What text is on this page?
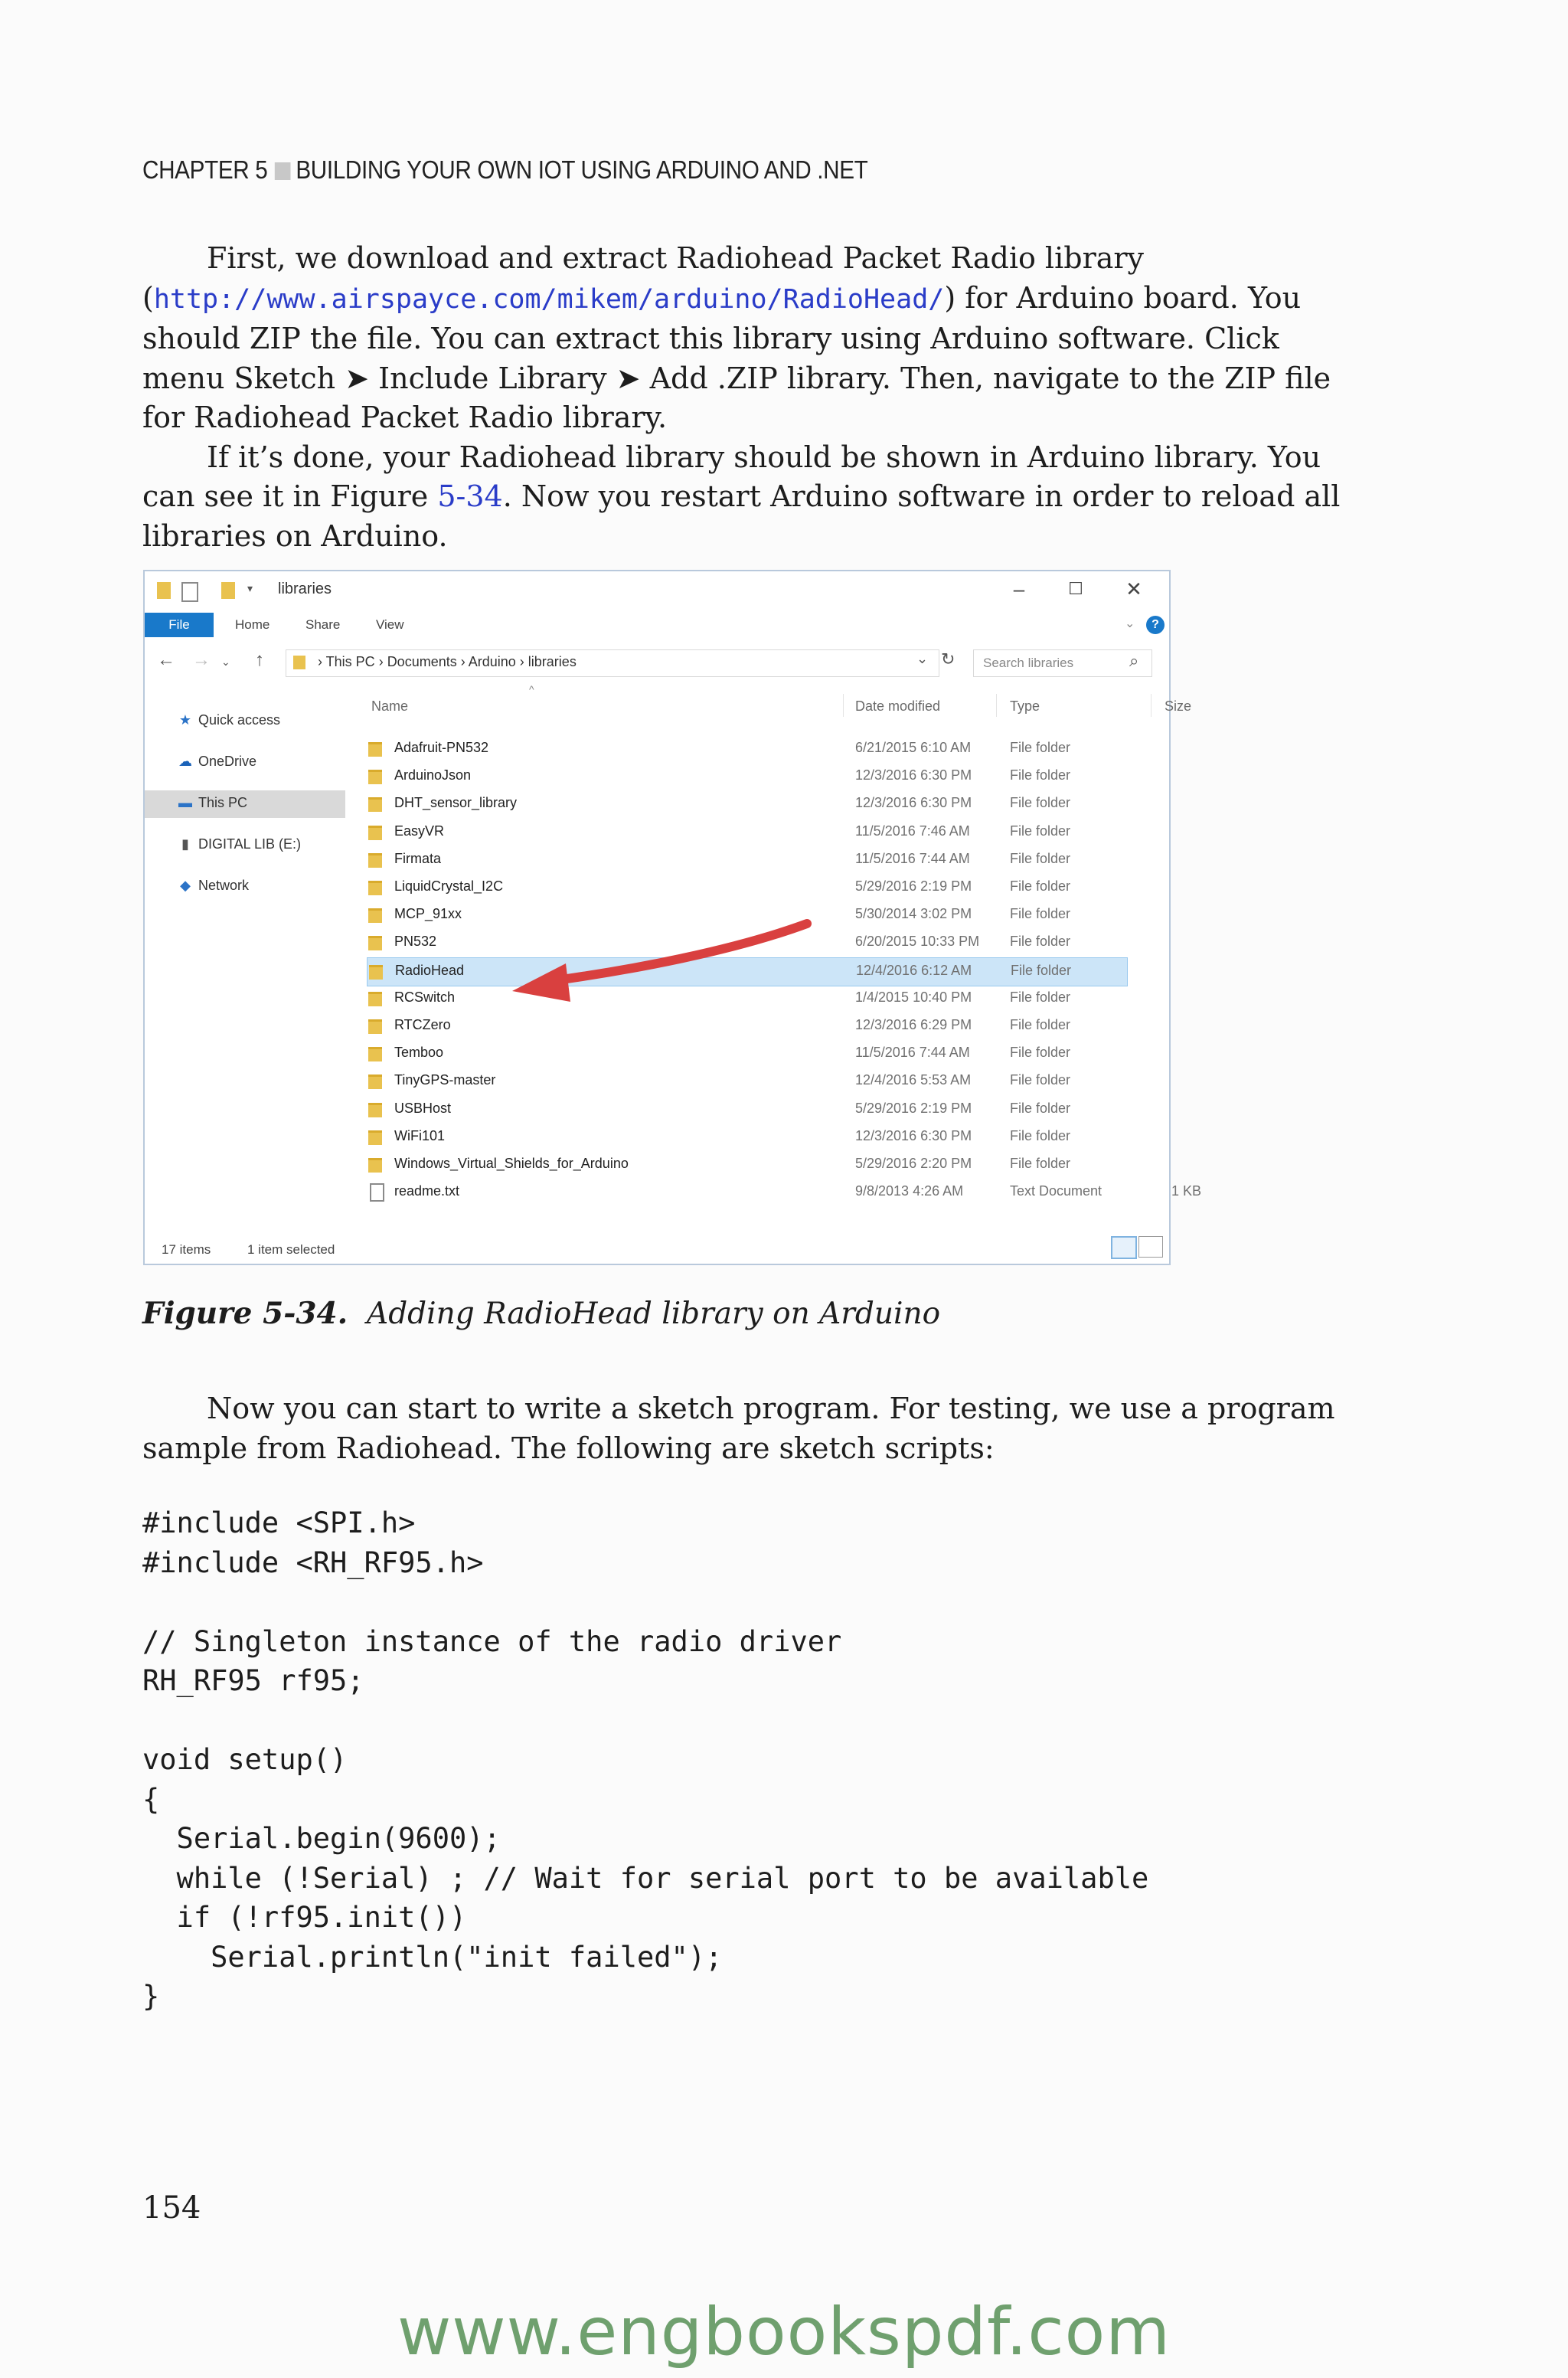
CHAPTER 5 BUILDING YOUR OWN IOT USING ARDUINO AND .NET

First, we download and extract Radiohead Packet Radio library (http://www.airspayce.com/mikem/arduino/RadioHead/) for Arduino board. You should ZIP the file. You can extract this library using Arduino software. Click menu Sketch ➤ Include Library ➤ Add .ZIP library. Then, navigate to the ZIP file for Radiohead Packet Radio library.

If it’s done, your Radiohead library should be shown in Arduino library. You can see it in Figure 5-34. Now you restart Arduino software in order to reload all libraries on Arduino.

▾ libraries	–	☐	✕
File	Home	Share	View	⌄	?
← → ⌄ ↑	› This PC › Documents › Arduino › libraries	⌄ ↻ Search libraries	⌕
★ Quick access
☁ OneDrive
▬ This PC
▮ DIGITAL LIB (E:)
◆ Network
^
Name	Date modified	Type	Size
Adafruit-PN532	6/21/2015 6:10 AM	File folder
ArduinoJson	12/3/2016 6:30 PM	File folder
DHT_sensor_library	12/3/2016 6:30 PM	File folder
EasyVR	11/5/2016 7:46 AM	File folder
Firmata	11/5/2016 7:44 AM	File folder
LiquidCrystal_I2C	5/29/2016 2:19 PM	File folder
MCP_91xx	5/30/2014 3:02 PM	File folder
PN532	6/20/2015 10:33 PM File folder
RadioHead	12/4/2016 6:12 AM	File folder
RCSwitch	1/4/2015 10:40 PM	File folder
RTCZero	12/3/2016 6:29 PM	File folder
Temboo	11/5/2016 7:44 AM	File folder
TinyGPS-master	12/4/2016 5:53 AM	File folder
USBHost	5/29/2016 2:19 PM	File folder
WiFi101	12/3/2016 6:30 PM	File folder
Windows_Virtual_Shields_for_Arduino	5/29/2016 2:20 PM	File folder
readme.txt	9/8/2013 4:26 AM	Text Document	1 KB
17 items	1 item selected
Figure 5-34. Adding RadioHead library on Arduino

Now you can start to write a sketch program. For testing, we use a program sample from Radiohead. The following are sketch scripts:

#include <SPI.h>
#include <RH_RF95.h>

// Singleton instance of the radio driver
RH_RF95 rf95;

void setup()
{
Serial.begin(9600);
while (!Serial) ; // Wait for serial port to be available
if (!rf95.init())
Serial.println("init failed");
}
154
www.engbookspdf.com
